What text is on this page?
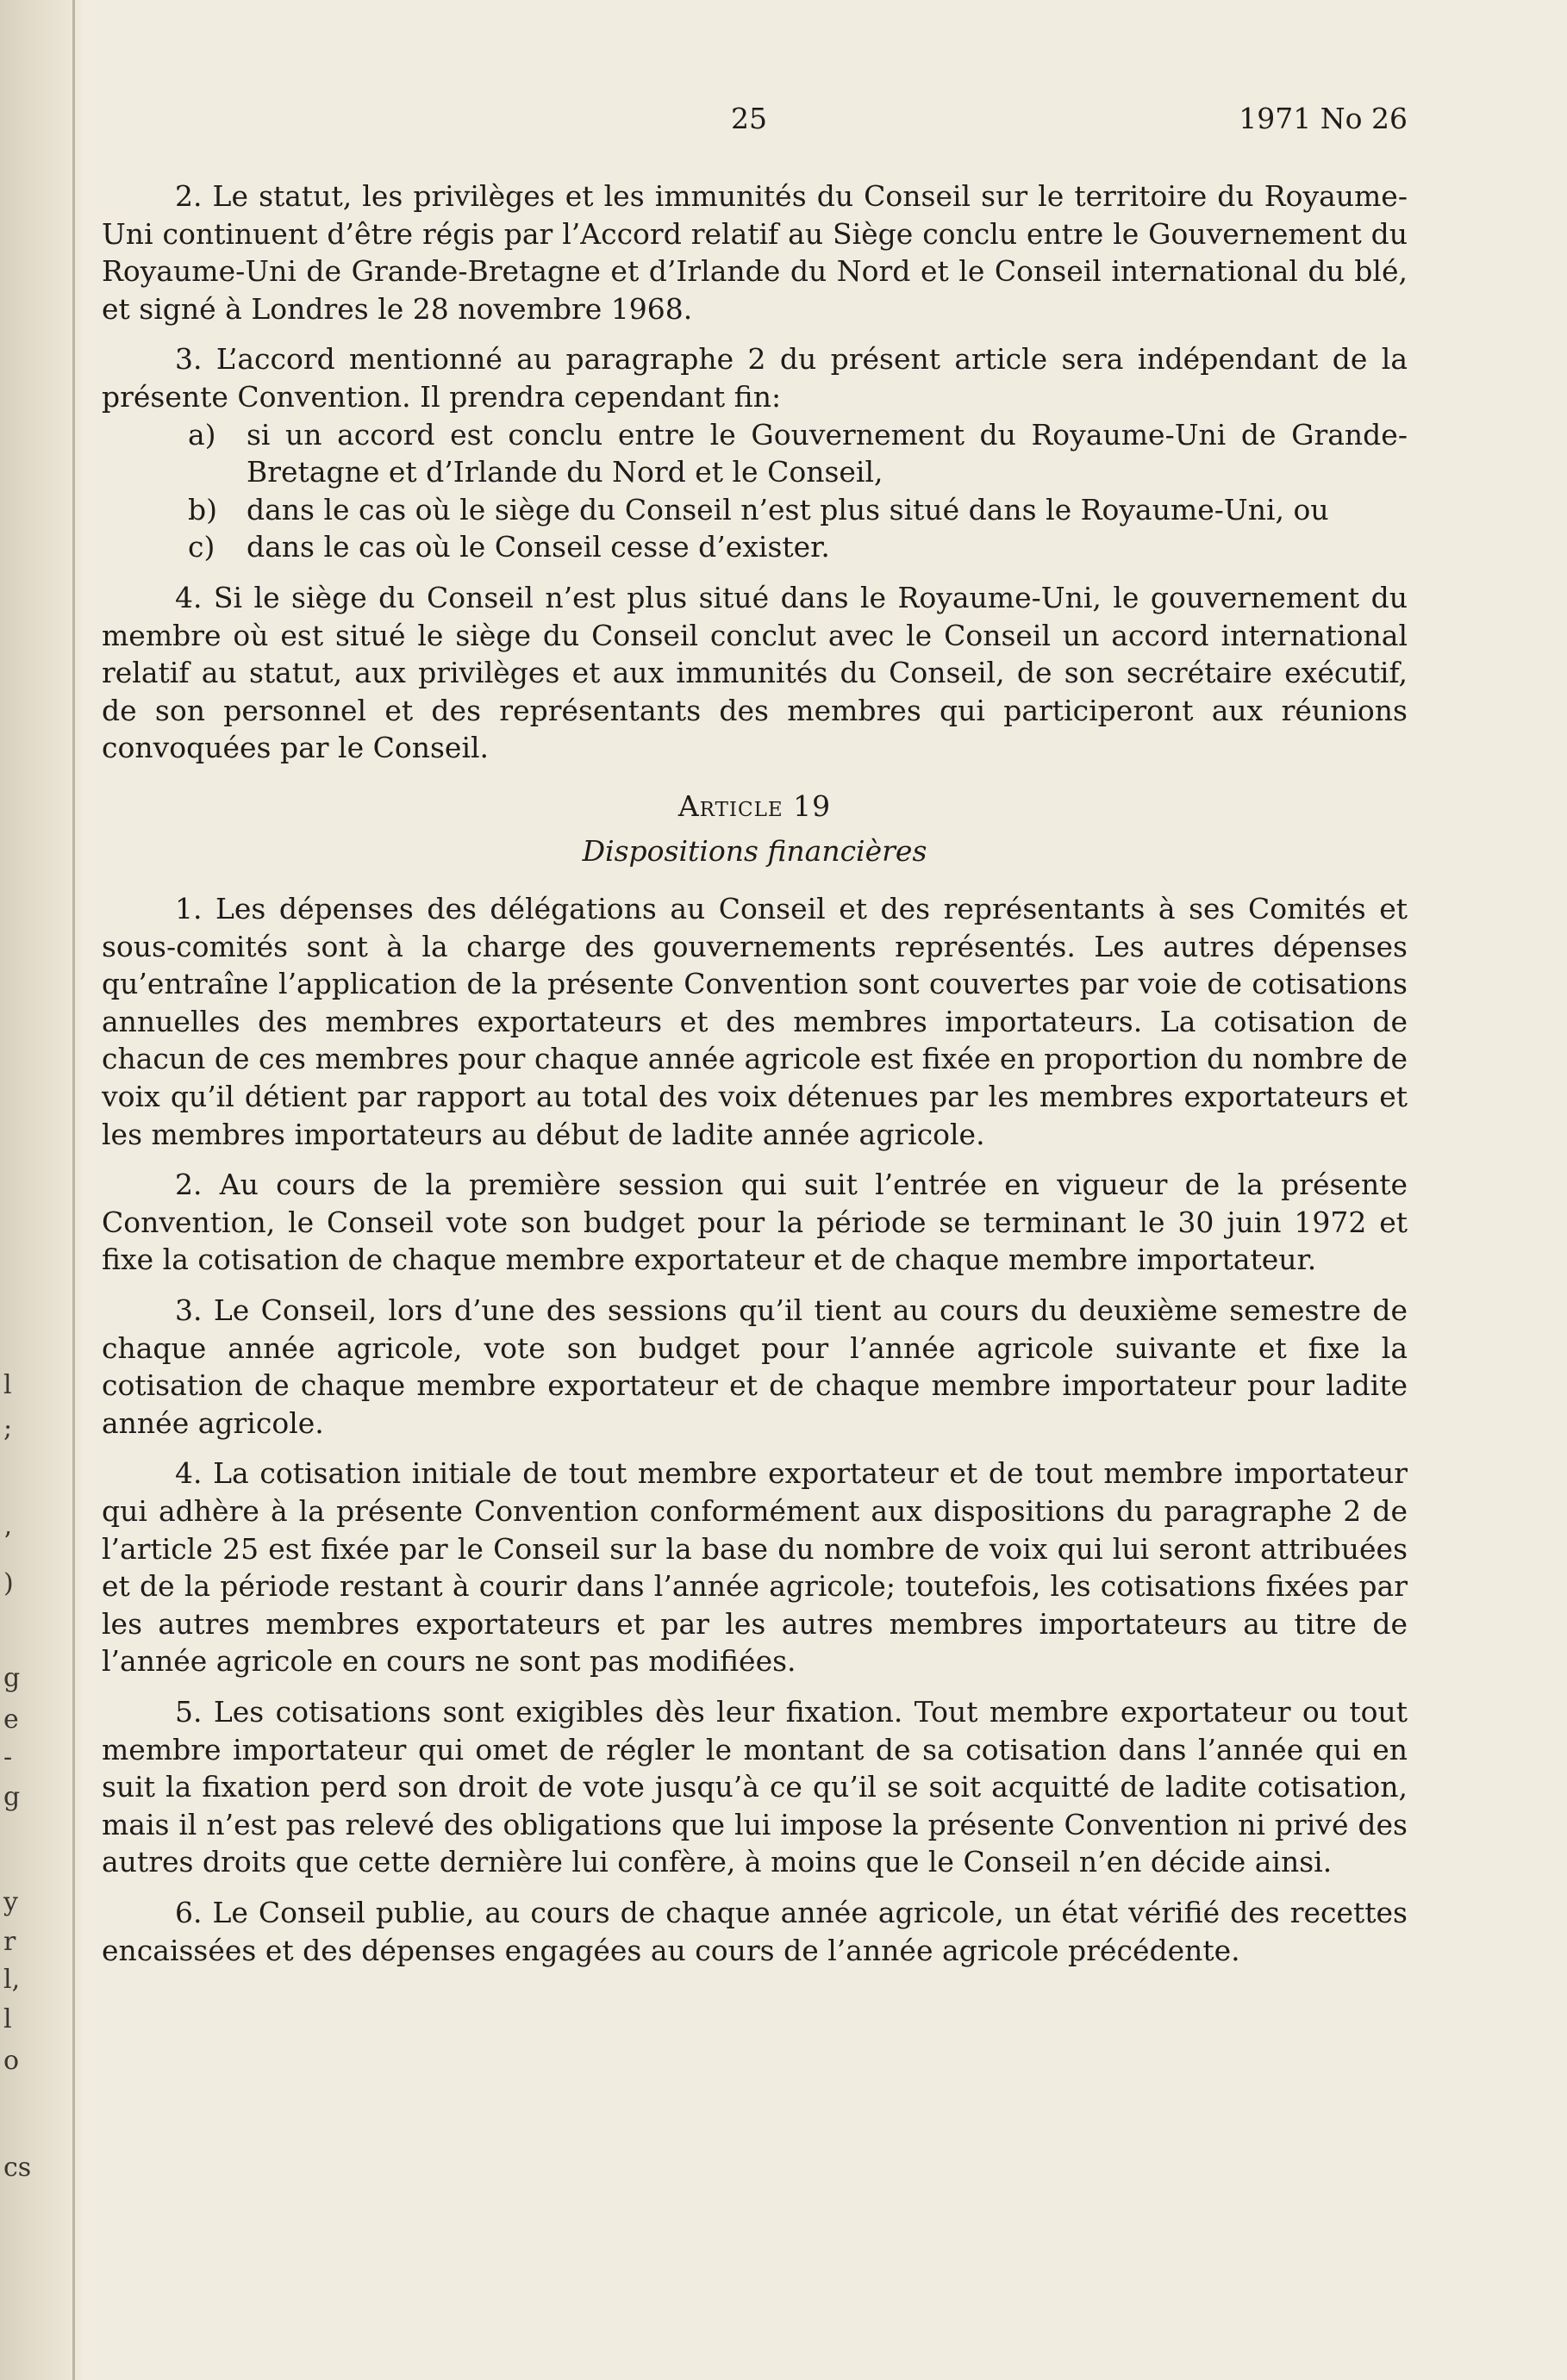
l
;
’
)
g
e
-
g
y
r
l,
l
o
cs
25	1971 No 26

2. Le statut, les privilèges et les immunités du Conseil sur le territoire du Royaume-Uni continuent d’être régis par l’Accord relatif au Siège conclu entre le Gouvernement du Royaume-Uni de Grande-Bretagne et d’Irlande du Nord et le Conseil international du blé, et signé à Londres le 28 novembre 1968.

3. L’accord mentionné au paragraphe 2 du présent article sera indépendant de la présente Convention. Il prendra cependant fin:

a) si un accord est conclu entre le Gouvernement du Royaume-Uni de Grande-Bretagne et d’Irlande du Nord et le Conseil,
b) dans le cas où le siège du Conseil n’est plus situé dans le Royaume-Uni, ou
c) dans le cas où le Conseil cesse d’exister.

4. Si le siège du Conseil n’est plus situé dans le Royaume-Uni, le gouvernement du membre où est situé le siège du Conseil conclut avec le Conseil un accord international relatif au statut, aux privilèges et aux immunités du Conseil, de son secrétaire exécutif, de son personnel et des représentants des membres qui participeront aux réunions convoquées par le Conseil.

Article 19
Dispositions financières

1. Les dépenses des délégations au Conseil et des représentants à ses Comités et sous-comités sont à la charge des gouvernements représentés. Les autres dépenses qu’entraîne l’application de la présente Convention sont couvertes par voie de cotisations annuelles des membres exportateurs et des membres importateurs. La cotisation de chacun de ces membres pour chaque année agricole est fixée en proportion du nombre de voix qu’il détient par rapport au total des voix détenues par les membres exportateurs et les membres importateurs au début de ladite année agricole.

2. Au cours de la première session qui suit l’entrée en vigueur de la présente Convention, le Conseil vote son budget pour la période se terminant le 30 juin 1972 et fixe la cotisation de chaque membre exportateur et de chaque membre importateur.

3. Le Conseil, lors d’une des sessions qu’il tient au cours du deuxième semestre de chaque année agricole, vote son budget pour l’année agricole suivante et fixe la cotisation de chaque membre exportateur et de chaque membre importateur pour ladite année agricole.

4. La cotisation initiale de tout membre exportateur et de tout membre importateur qui adhère à la présente Convention conformément aux dispositions du paragraphe 2 de l’article 25 est fixée par le Conseil sur la base du nombre de voix qui lui seront attribuées et de la période restant à courir dans l’année agricole; toutefois, les cotisations fixées par les autres membres exportateurs et par les autres membres importateurs au titre de l’année agricole en cours ne sont pas modifiées.

5. Les cotisations sont exigibles dès leur fixation. Tout membre exportateur ou tout membre importateur qui omet de régler le montant de sa cotisation dans l’année qui en suit la fixation perd son droit de vote jusqu’à ce qu’il se soit acquitté de ladite cotisation, mais il n’est pas relevé des obligations que lui impose la présente Convention ni privé des autres droits que cette dernière lui confère, à moins que le Conseil n’en décide ainsi.

6. Le Conseil publie, au cours de chaque année agricole, un état vérifié des recettes encaissées et des dépenses engagées au cours de l’année agricole précédente.
